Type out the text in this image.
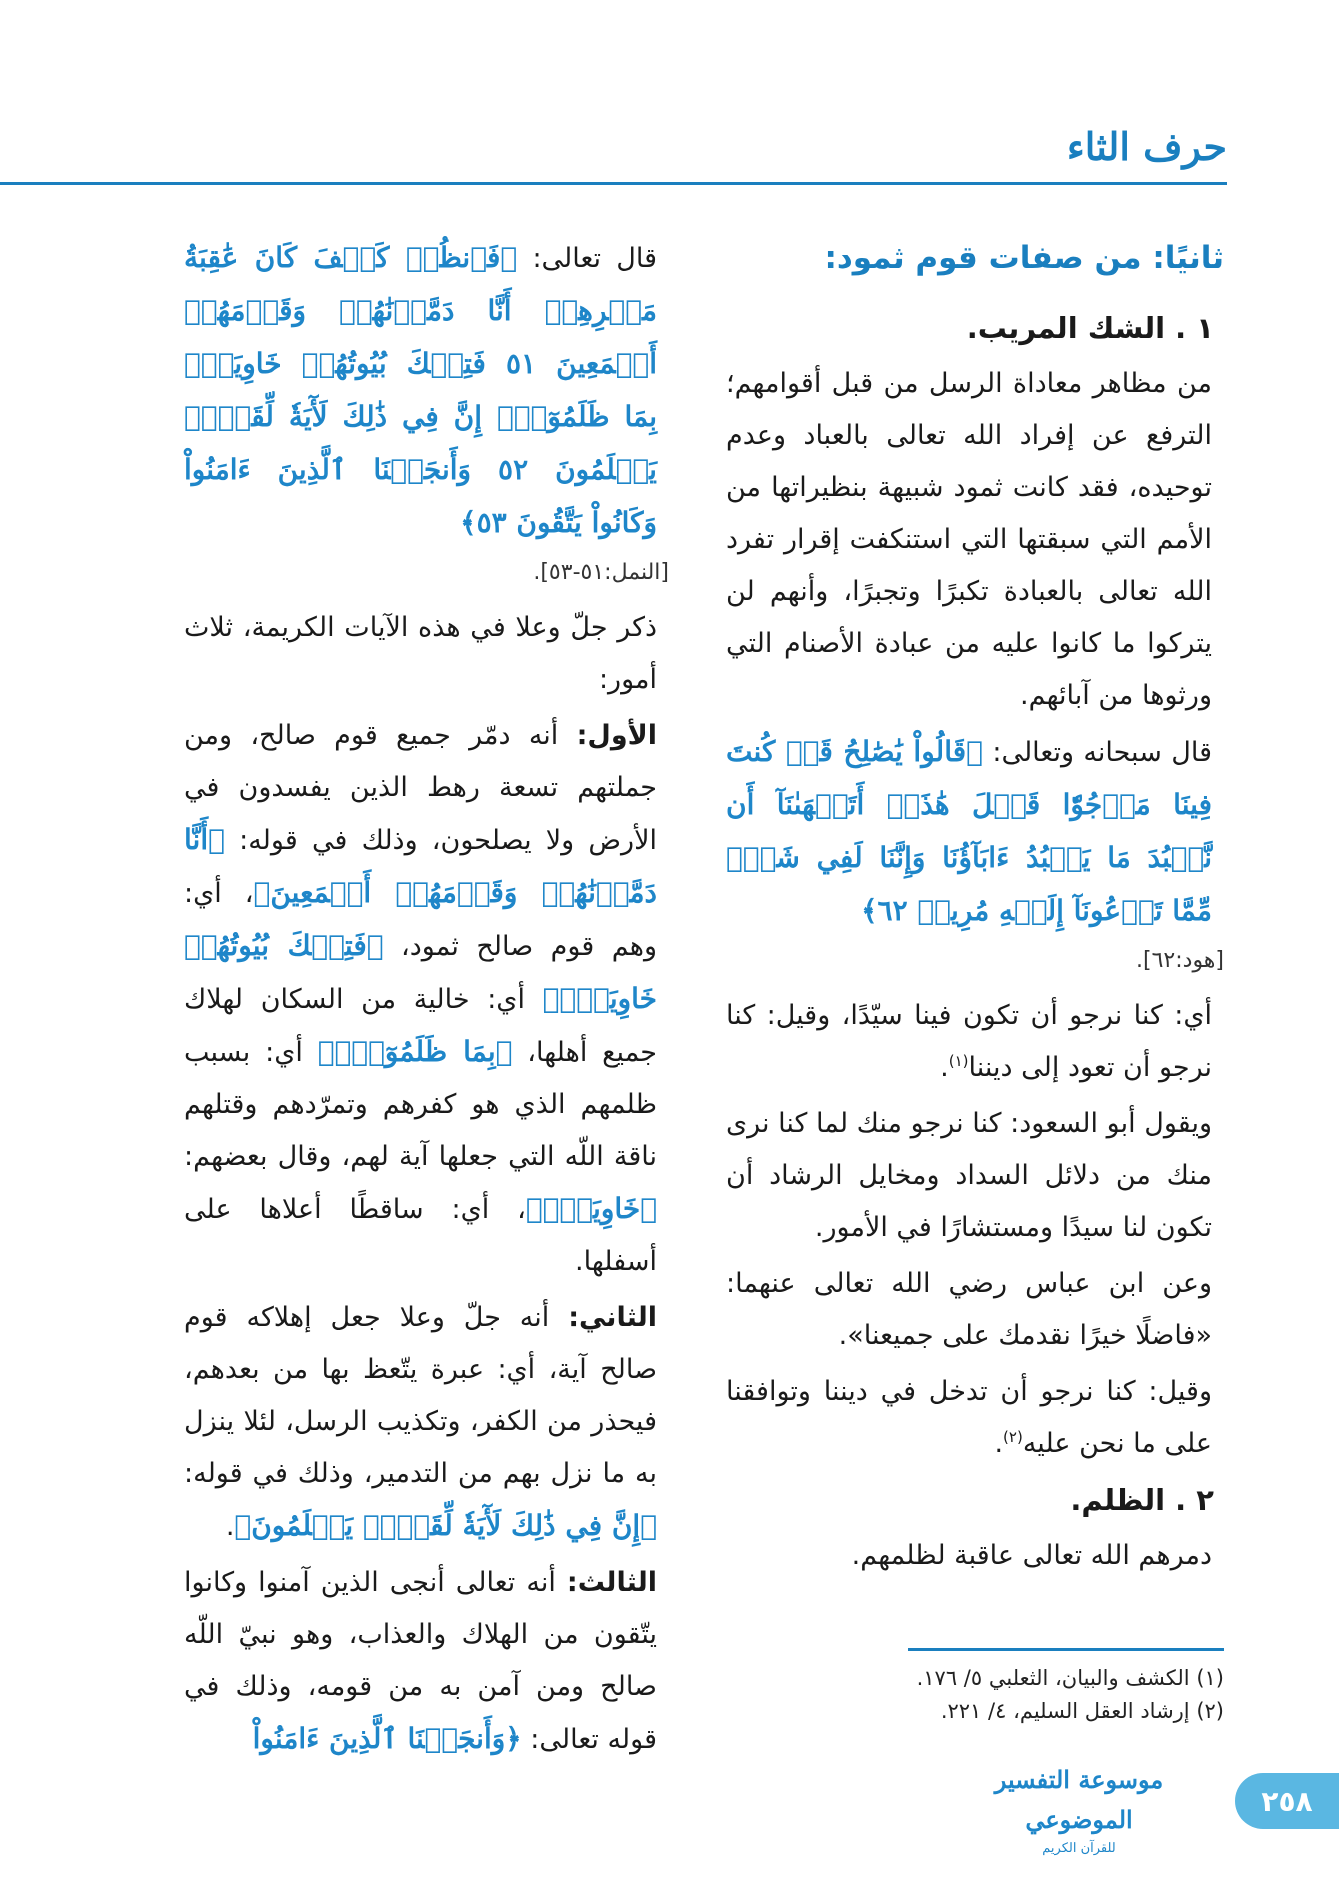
حرف الثاء

ثانيًا: من صفات قوم ثمود:

١ . الشك المريب.

من مظاهر معاداة الرسل من قبل أقوامهم؛ الترفع عن إفراد الله تعالى بالعباد وعدم توحيده، فقد كانت ثمود شبيهة بنظيراتها من الأمم التي سبقتها التي استنكفت إقرار تفرد الله تعالى بالعبادة تكبرًا وتجبرًا، وأنهم لن يتركوا ما كانوا عليه من عبادة الأصنام التي ورثوها من آبائهم.

قال سبحانه وتعالى: ﴿قَالُواْ يَٰصَٰلِحُ قَدۡ كُنتَ فِينَا مَرۡجُوّٗا قَبۡلَ هَٰذَآۖ أَتَنۡهَىٰنَآ أَن نَّعۡبُدَ مَا يَعۡبُدُ ءَابَآؤُنَا وَإِنَّنَا لَفِي شَكّٖ مِّمَّا تَدۡعُونَآ إِلَيۡهِ مُرِيبٖ ٦٢﴾

[هود:٦٢].

أي: كنا نرجو أن تكون فينا سيّدًا، وقيل: كنا نرجو أن تعود إلى ديننا$^{(١)}$.

ويقول أبو السعود: كنا نرجو منك لما كنا نرى منك من دلائل السداد ومخايل الرشاد أن تكون لنا سيدًا ومستشارًا في الأمور.

وعن ابن عباس رضي الله تعالى عنهما: «فاضلًا خيرًا نقدمك على جميعنا».

وقيل: كنا نرجو أن تدخل في ديننا وتوافقنا على ما نحن عليه$^{(٢)}$.

٢ . الظلم.

دمرهم الله تعالى عاقبة لظلمهم.

قال تعالى: ﴿فَٱنظُرۡ كَيۡفَ كَانَ عَٰقِبَةُ مَكۡرِهِمۡ أَنَّا دَمَّرۡنَٰهُمۡ وَقَوۡمَهُمۡ أَجۡمَعِينَ ٥١ فَتِلۡكَ بُيُوتُهُمۡ خَاوِيَةَۢ بِمَا ظَلَمُوٓاْۚ إِنَّ فِي ذَٰلِكَ لَأٓيَةٗ لِّقَوۡمٖ يَعۡلَمُونَ ٥٢ وَأَنجَيۡنَا ٱلَّذِينَ ءَامَنُواْ وَكَانُواْ يَتَّقُونَ ٥٣﴾

[النمل:٥١-٥٣].

ذكر جلّ وعلا في هذه الآيات الكريمة، ثلاث أمور:

الأول: أنه دمّر جميع قوم صالح، ومن جملتهم تسعة رهط الذين يفسدون في الأرض ولا يصلحون، وذلك في قوله: ﴿أَنَّا دَمَّرۡنَٰهُمۡ وَقَوۡمَهُمۡ أَجۡمَعِينَ﴾، أي: وهم قوم صالح ثمود، ﴿فَتِلۡكَ بُيُوتُهُمۡ خَاوِيَةَۢ﴾ أي: خالية من السكان لهلاك جميع أهلها، ﴿بِمَا ظَلَمُوٓاْۚ﴾ أي: بسبب ظلمهم الذي هو كفرهم وتمرّدهم وقتلهم ناقة اللّه التي جعلها آية لهم، وقال بعضهم: ﴿خَاوِيَةَۢ﴾، أي: ساقطًا أعلاها على أسفلها.

الثاني: أنه جلّ وعلا جعل إهلاكه قوم صالح آية، أي: عبرة يتّعظ بها من بعدهم، فيحذر من الكفر، وتكذيب الرسل، لئلا ينزل به ما نزل بهم من التدمير، وذلك في قوله: ﴿إِنَّ فِي ذَٰلِكَ لَأٓيَةٗ لِّقَوۡمٖ يَعۡلَمُونَ﴾.

الثالث: أنه تعالى أنجى الذين آمنوا وكانوا يتّقون من الهلاك والعذاب، وهو نبيّ اللّه صالح ومن آمن به من قومه، وذلك في قوله تعالى: ﴿وَأَنجَيۡنَا ٱلَّذِينَ ءَامَنُواْ

(١) الكشف والبيان، الثعلبي ٥/ ١٧٦.
(٢) إرشاد العقل السليم، ٤/ ٢٢١.
موسوعة التفسير الموضوعي
للقرآن الكريم
٢٥٨
